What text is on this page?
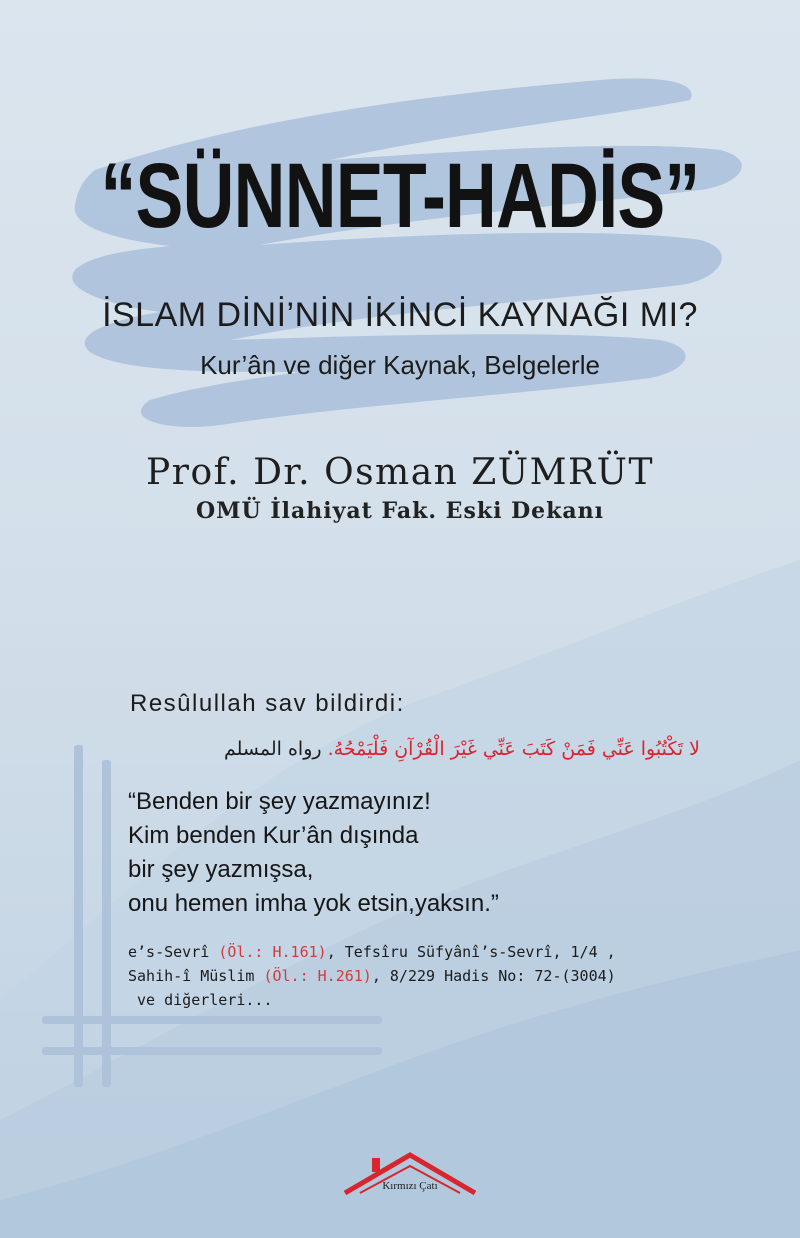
“SÜNNET-HADİS”
İSLAM DİNİ’NİN İKİNCİ KAYNAĞI MI?
Kur’ân ve diğer Kaynak, Belgelerle
Prof. Dr. Osman ZÜMRÜT
OMÜ İlahiyat Fak. Eski Dekanı
Resûlullah sav bildirdi:
لا تَكْتُبُوا عَنِّي فَمَنْ كَتَبَ عَنِّي غَيْرَ الْقُرْآنِ فَلْيَمْحُهُ. رواه المسلم
“Benden bir şey yazmayınız!
Kim benden Kur’ân dışında
bir şey yazmışsa,
onu hemen imha yok etsin,yaksın.”
e’s-Sevrî (Öl.: H.161), Tefsîru Süfyânî’s-Sevrî, 1/4 ,
Sahih-î Müslim (Öl.: H.261), 8/229 Hadis No: 72-(3004)
ve diğerleri...
Kırmızı Çatı
